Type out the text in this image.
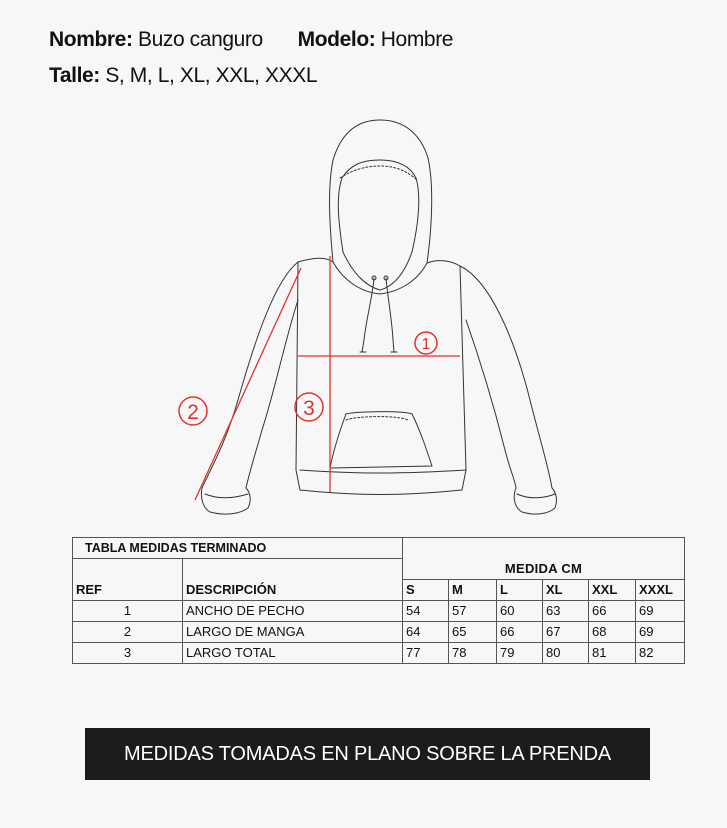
Nombre: Buzo canguro Modelo: Hombre
Talle: S, M, L, XL, XXL, XXXL
1
2	3
TABLA MEDIDAS TERMINADO							
		MEDIDA CM					
REF	DESCRIPCIÓN	S	M	L	XL	XXL	XXXL
1	ANCHO DE PECHO	54	57	60	63	66	69
2	LARGO DE MANGA	64	65	66	67	68	69
3	LARGO TOTAL	77	78	79	80	81	82
MEDIDAS TOMADAS EN PLANO SOBRE LA PRENDA
